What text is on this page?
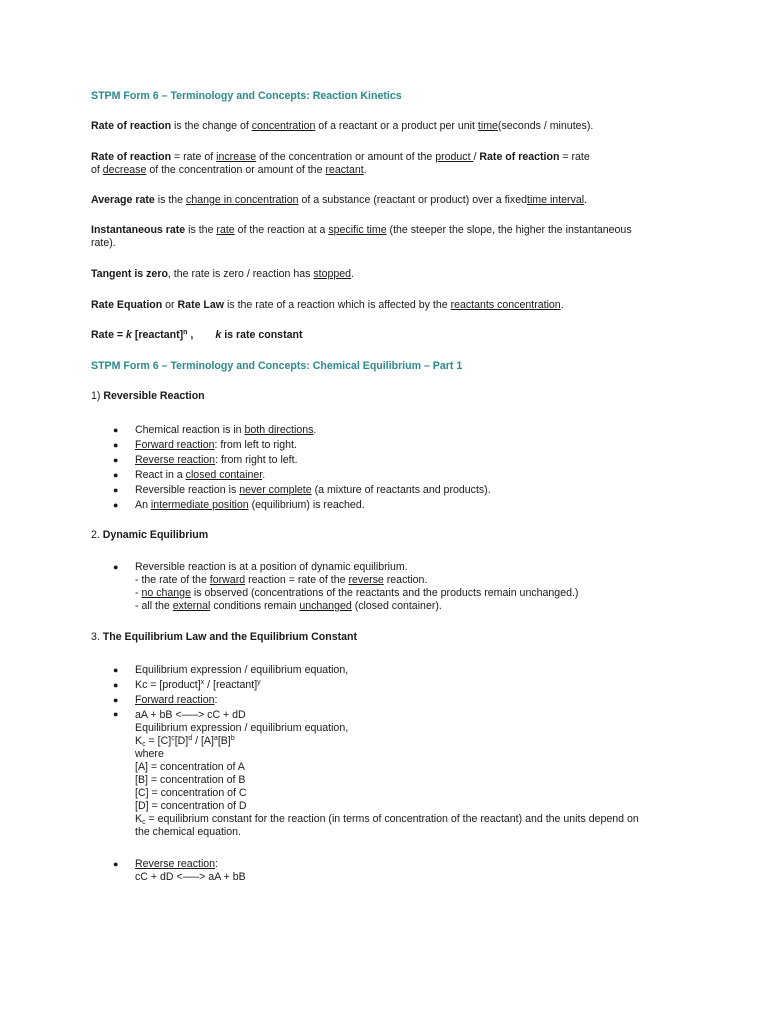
STPM Form 6 – Terminology and Concepts: Reaction Kinetics

Rate of reaction is the change of concentration of a reactant or a product per unit time(seconds / minutes).

Rate of reaction = rate of increase of the concentration or amount of the product / Rate of reaction = rate
of decrease of the concentration or amount of the reactant.

Average rate is the change in concentration of a substance (reactant or product) over a fixedtime interval.

Instantaneous rate is the rate of the reaction at a specific time (the steeper the slope, the higher the instantaneous
rate).

Tangent is zero, the rate is zero / reaction has stopped.

Rate Equation or Rate Law is the rate of a reaction which is affected by the reactants concentration.

Rate = k [reactant]$^n$ , k is rate constant

STPM Form 6 – Terminology and Concepts: Chemical Equilibrium – Part 1

1) Reversible Reaction

● Chemical reaction is in both directions.
● Forward reaction: from left to right.
● Reverse reaction: from right to left.
● React in a closed container.
● Reversible reaction is never complete (a mixture of reactants and products).
● An intermediate position (equilibrium) is reached.

2. Dynamic Equilibrium

● Reversible reaction is at a position of dynamic equilibrium.
- the rate of the forward reaction = rate of the reverse reaction.
- no change is observed (concentrations of the reactants and the products remain unchanged.)
- all the external conditions remain unchanged (closed container).

3. The Equilibrium Law and the Equilibrium Constant

● Equilibrium expression / equilibrium equation,
● Kc = [product]$^x$ / [reactant]$^y$
● Forward reaction:
● aA + bB <—–> cC + dD
Equilibrium expression / equilibrium equation,
$K_c = [C]^c[D]^d / [A]^a[B]^b$
where
[A] = concentration of A
[B] = concentration of B
[C] = concentration of C
[D] = concentration of D
$K_c$ = equilibrium constant for the reaction (in terms of concentration of the reactant) and the units depend on
the chemical equation.
● Reverse reaction:
cC + dD <—–> aA + bB
